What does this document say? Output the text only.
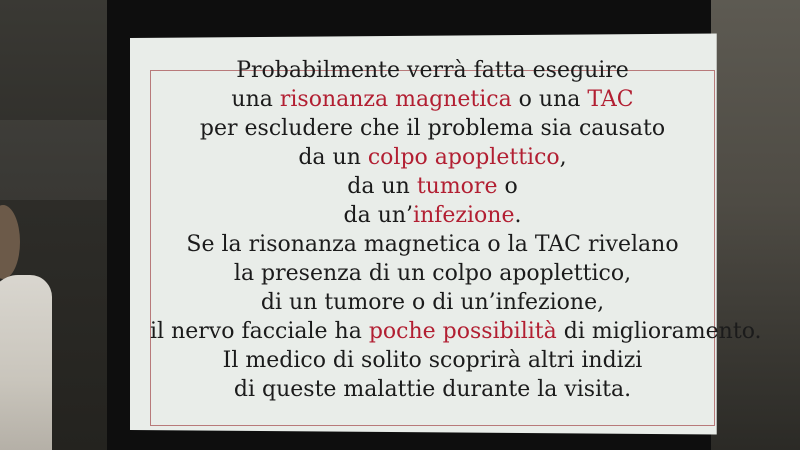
Probabilmente verrà fatta eseguire
una risonanza magnetica o una TAC
per escludere che il problema sia causato
da un colpo apoplettico,
da un tumore o
da un’infezione.
Se la risonanza magnetica o la TAC rivelano
la presenza di un colpo apoplettico,
di un tumore o di un’infezione,
il nervo facciale ha poche possibilità di miglioramento.
Il medico di solito scoprirà altri indizi
di queste malattie durante la visita.
